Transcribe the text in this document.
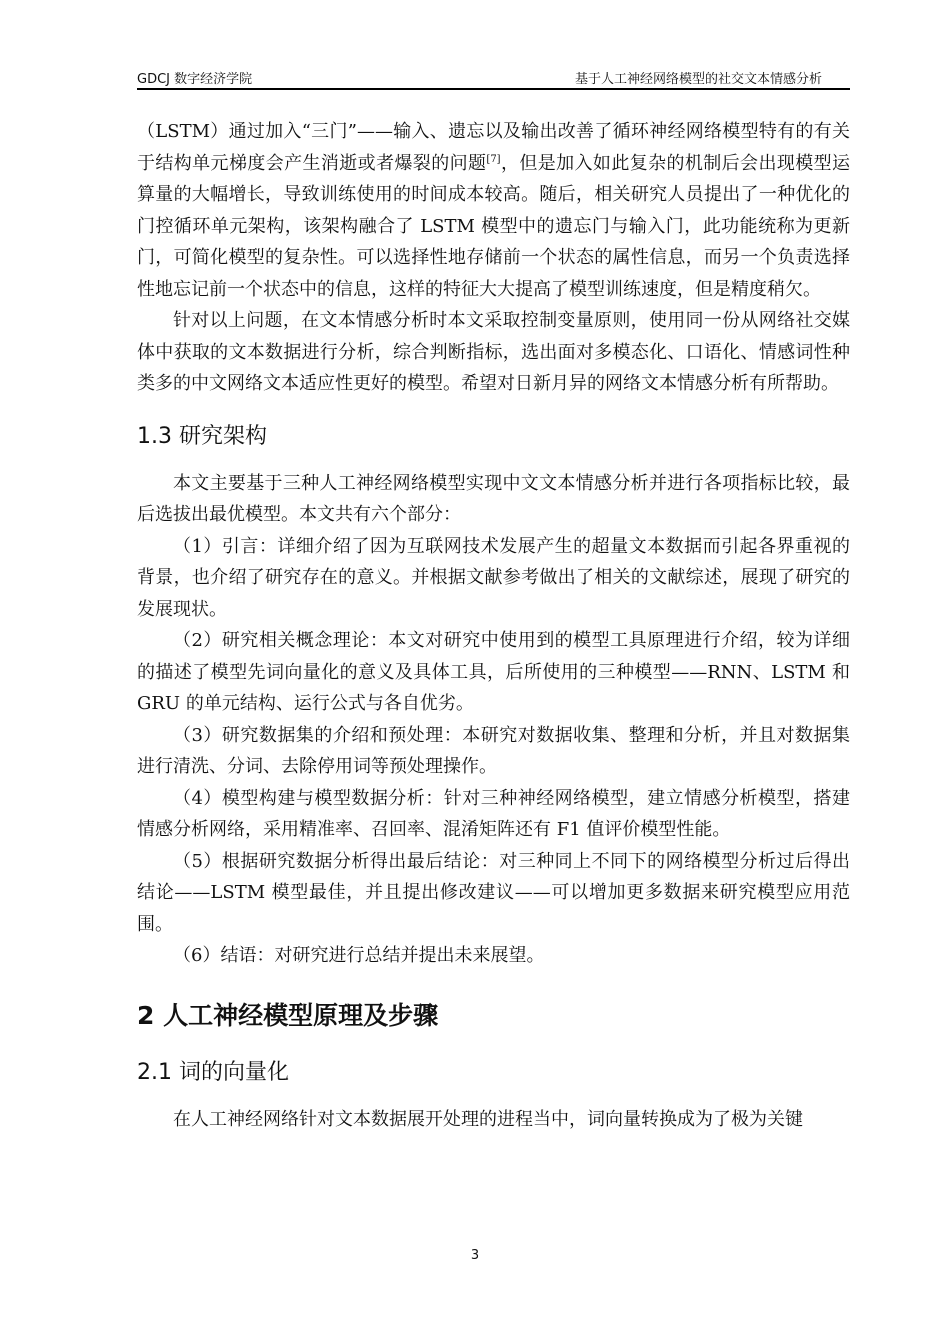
GDCJ 数字经济学院	基于人工神经网络模型的社交文本情感分析

（LSTM）通过加入“三门”——输入、遗忘以及输出改善了循环神经网络模型特有的有关于结构单元梯度会产生消逝或者爆裂的问题[7]，但是加入如此复杂的机制后会出现模型运算量的大幅增长，导致训练使用的时间成本较高。随后，相关研究人员提出了一种优化的门控循环单元架构，该架构融合了 LSTM 模型中的遗忘门与输入门，此功能统称为更新门，可简化模型的复杂性。可以选择性地存储前一个状态的属性信息，而另一个负责选择性地忘记前一个状态中的信息，这样的特征大大提高了模型训练速度，但是精度稍欠。

针对以上问题，在文本情感分析时本文采取控制变量原则，使用同一份从网络社交媒体中获取的文本数据进行分析，综合判断指标，选出面对多模态化、口语化、情感词性种类多的中文网络文本适应性更好的模型。希望对日新月异的网络文本情感分析有所帮助。

1.3 研究架构

本文主要基于三种人工神经网络模型实现中文文本情感分析并进行各项指标比较，最后选拔出最优模型。本文共有六个部分：

（1）引言：详细介绍了因为互联网技术发展产生的超量文本数据而引起各界重视的背景，也介绍了研究存在的意义。并根据文献参考做出了相关的文献综述，展现了研究的发展现状。

（2）研究相关概念理论：本文对研究中使用到的模型工具原理进行介绍，较为详细的描述了模型先词向量化的意义及具体工具，后所使用的三种模型——RNN、LSTM 和 GRU 的单元结构、运行公式与各自优劣。

（3）研究数据集的介绍和预处理：本研究对数据收集、整理和分析，并且对数据集进行清洗、分词、去除停用词等预处理操作。

（4）模型构建与模型数据分析：针对三种神经网络模型，建立情感分析模型，搭建情感分析网络，采用精准率、召回率、混淆矩阵还有 F1 值评价模型性能。

（5）根据研究数据分析得出最后结论：对三种同上不同下的网络模型分析过后得出结论——LSTM 模型最佳，并且提出修改建议——可以增加更多数据来研究模型应用范围。

（6）结语：对研究进行总结并提出未来展望。

2 人工神经模型原理及步骤
2.1 词的向量化

在人工神经网络针对文本数据展开处理的进程当中，词向量转换成为了极为关键

3
